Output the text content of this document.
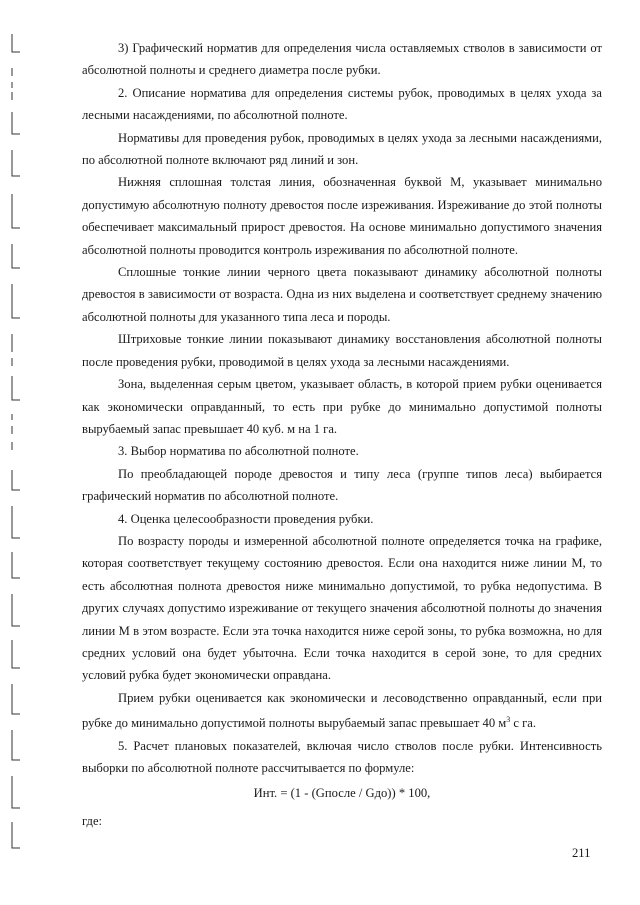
3) Графический норматив для определения числа оставляемых стволов в зависимости от абсолютной полноты и среднего диаметра после рубки.

2. Описание норматива для определения системы рубок, проводимых в целях ухода за лесными насаждениями, по абсолютной полноте.

Нормативы для проведения рубок, проводимых в целях ухода за лесными насаждениями, по абсолютной полноте включают ряд линий и зон.

Нижняя сплошная толстая линия, обозначенная буквой М, указывает минимально допустимую абсолютную полноту древостоя после изреживания. Изреживание до этой полноты обеспечивает максимальный прирост древостоя. На основе минимально допустимого значения абсолютной полноты проводится контроль изреживания по абсолютной полноте.

Сплошные тонкие линии черного цвета показывают динамику абсолютной полноты древостоя в зависимости от возраста. Одна из них выделена и соответствует среднему значению абсолютной полноты для указанного типа леса и породы.

Штриховые тонкие линии показывают динамику восстановления абсолютной полноты после проведения рубки, проводимой в целях ухода за лесными насаждениями.

Зона, выделенная серым цветом, указывает область, в которой прием рубки оценивается как экономически оправданный, то есть при рубке до минимально допустимой полноты вырубаемый запас превышает 40 куб. м на 1 га.

3. Выбор норматива по абсолютной полноте.

По преобладающей породе древостоя и типу леса (группе типов леса) выбирается графический норматив по абсолютной полноте.

4. Оценка целесообразности проведения рубки.

По возрасту породы и измеренной абсолютной полноте определяется точка на графике, которая соответствует текущему состоянию древостоя. Если она находится ниже линии М, то есть абсолютная полнота древостоя ниже минимально допустимой, то рубка недопустима. В других случаях допустимо изреживание от текущего значения абсолютной полноты до значения линии М в этом возрасте. Если эта точка находится ниже серой зоны, то рубка возможна, но для средних условий она будет убыточна. Если точка находится в серой зоне, то для средних условий рубка будет экономически оправдана.

Прием рубки оценивается как экономически и лесоводственно оправданный, если при рубке до минимально допустимой полноты вырубаемый запас превышает 40 $м^3$ с га.

5. Расчет плановых показателей, включая число стволов после рубки. Интенсивность выборки по абсолютной полноте рассчитывается по формуле:

Инт. = (1 - (Gпосле / Gдо)) * 100,

где:

211
